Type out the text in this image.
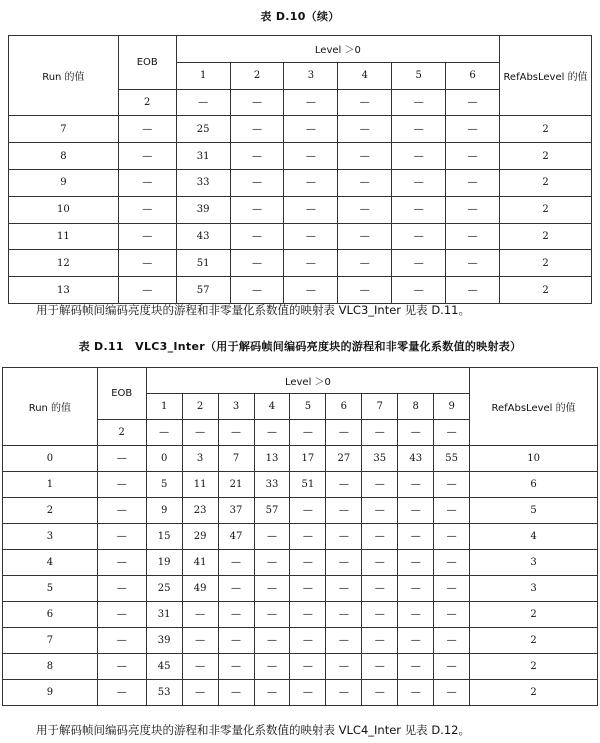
表 D.10（续）
Run 的值	EOB	Level ＞0						RefAbsLevel 的值
		1	2	3	4	5	6	
	2	—	—	—	—	—	—	
7	—	25	—	—	—	—	—	2
8	—	31	—	—	—	—	—	2
9	—	33	—	—	—	—	—	2
10	—	39	—	—	—	—	—	2
11	—	43	—	—	—	—	—	2
12	—	51	—	—	—	—	—	2
13	—	57	—	—	—	—	—	2
用于解码帧间编码亮度块的游程和非零量化系数值的映射表 VLC3_Inter 见表 D.11。
表 D.11　VLC3_Inter（用于解码帧间编码亮度块的游程和非零量化系数值的映射表）
Run 的值	EOB	Level ＞0									RefAbsLevel 的值
		1	2	3	4	5	6	7	8	9	
	2	—	—	—	—	—	—	—	—	—	
0	—	0	3	7	13	17	27	35	43	55	10
1	—	5	11	21	33	51	—	—	—	—	6
2	—	9	23	37	57	—	—	—	—	—	5
3	—	15	29	47	—	—	—	—	—	—	4
4	—	19	41	—	—	—	—	—	—	—	3
5	—	25	49	—	—	—	—	—	—	—	3
6	—	31	—	—	—	—	—	—	—	—	2
7	—	39	—	—	—	—	—	—	—	—	2
8	—	45	—	—	—	—	—	—	—	—	2
9	—	53	—	—	—	—	—	—	—	—	2
用于解码帧间编码亮度块的游程和非零量化系数值的映射表 VLC4_Inter 见表 D.12。
